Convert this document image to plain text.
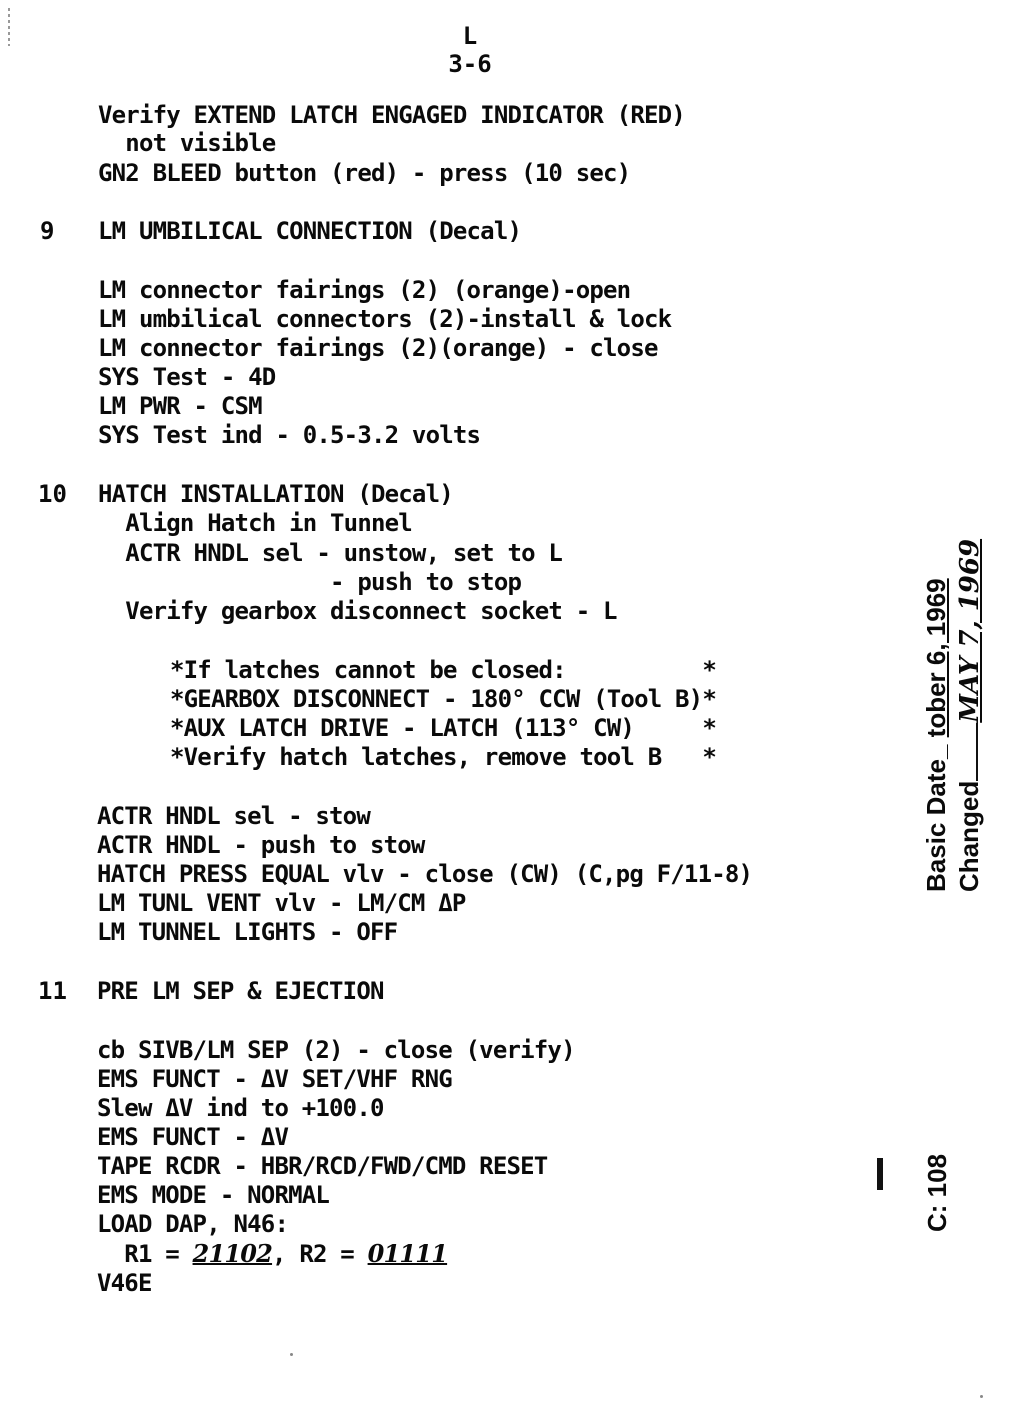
L
3-6
Verify EXTEND LATCH ENGAGED INDICATOR (RED)
not visible
GN2 BLEED button (red) - press (10 sec)
9 LM UMBILICAL CONNECTION (Decal)
LM connector fairings (2) (orange)-open
LM umbilical connectors (2)-install & lock
LM connector fairings (2)(orange) - close
SYS Test - 4D
LM PWR - CSM
SYS Test ind - 0.5-3.2 volts
10 HATCH INSTALLATION (Decal)
Align Hatch in Tunnel
ACTR HNDL sel - unstow, set to L
- push to stop
Verify gearbox disconnect socket - L
*If latches cannot be closed:          *
*GEARBOX DISCONNECT - 180° CCW (Tool B)*
*AUX LATCH DRIVE - LATCH (113° CW)     *
*Verify hatch latches, remove tool B   *
ACTR HNDL sel - stow
ACTR HNDL - push to stow
HATCH PRESS EQUAL vlv - close (CW) (C,pg F/11-8)
LM TUNL VENT vlv - LM/CM ΔP
LM TUNNEL LIGHTS - OFF
11 PRE LM SEP & EJECTION
cb SIVB/LM SEP (2) - close (verify)
EMS FUNCT - ΔV SET/VHF RNG
Slew ΔV ind to +100.0
EMS FUNCT - ΔV
TAPE RCDR - HBR/RCD/FWD/CMD RESET
EMS MODE - NORMAL
LOAD DAP, N46:
R1 = 21102, R2 = 01111
V46E
Basic Date_ tober 6, 1969
ChangedMAY 7, 1969
C: 108
